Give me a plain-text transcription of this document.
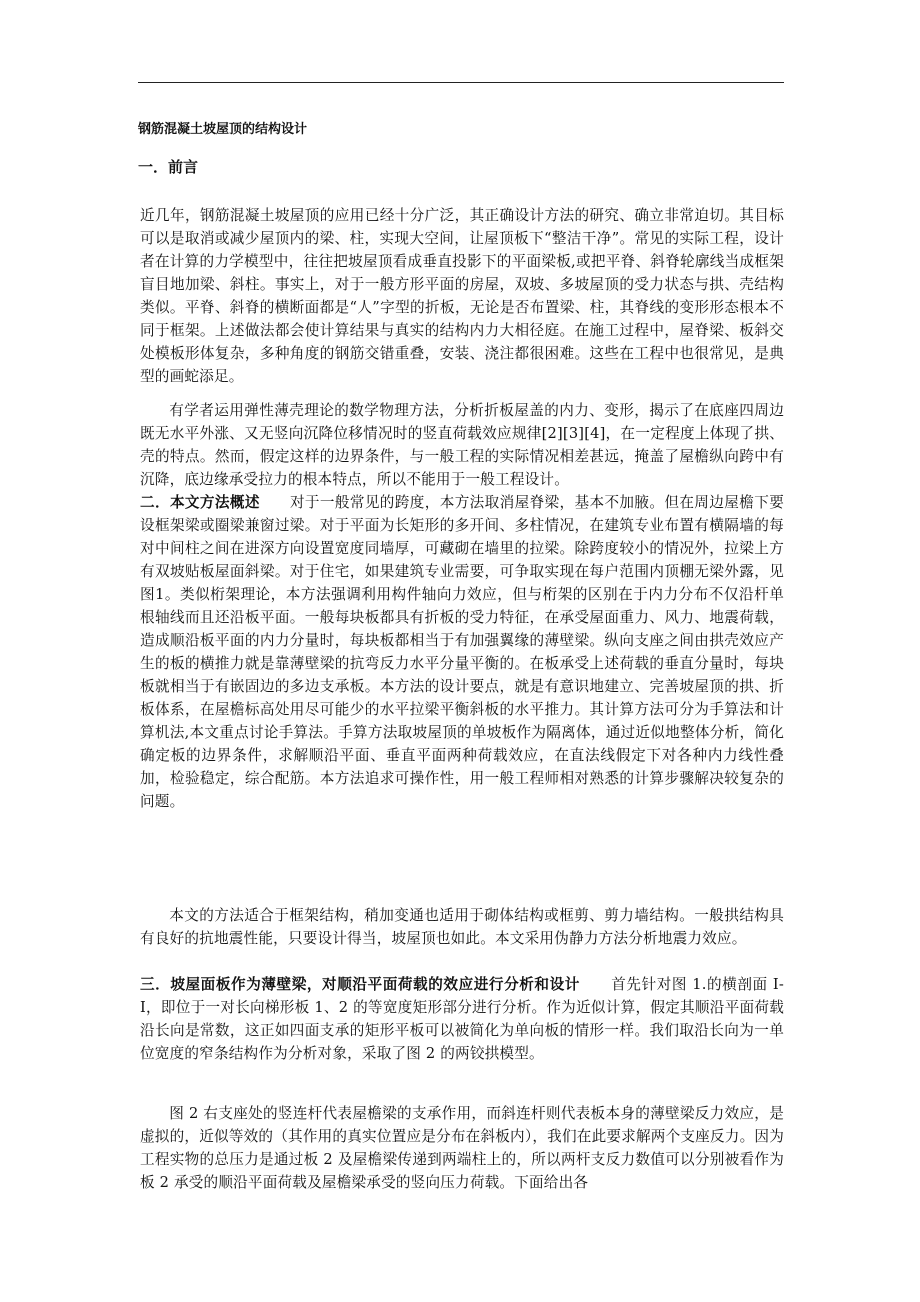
钢筋混凝土坡屋顶的结构设计
一．前言
近几年，钢筋混凝土坡屋顶的应用已经十分广泛，其正确设计方法的研究、确立非常迫切。其目标可以是取消或减少屋顶内的梁、柱，实现大空间，让屋顶板下“整洁干净”。常见的实际工程，设计者在计算的力学模型中，往往把坡屋顶看成垂直投影下的平面梁板,或把平脊、斜脊轮廓线当成框架盲目地加梁、斜柱。事实上，对于一般方形平面的房屋，双坡、多坡屋顶的受力状态与拱、壳结构类似。平脊、斜脊的横断面都是“人”字型的折板，无论是否布置梁、柱，其脊线的变形形态根本不同于框架。上述做法都会使计算结果与真实的结构内力大相径庭。在施工过程中，屋脊梁、板斜交处模板形体复杂，多种角度的钢筋交错重叠，安装、浇注都很困难。这些在工程中也很常见，是典型的画蛇添足。
有学者运用弹性薄壳理论的数学物理方法，分析折板屋盖的内力、变形，揭示了在底座四周边既无水平外涨、又无竖向沉降位移情况时的竖直荷载效应规律[2][3][4]，在一定程度上体现了拱、壳的特点。然而，假定这样的边界条件，与一般工程的实际情况相差甚远，掩盖了屋檐纵向跨中有沉降，底边缘承受拉力的根本特点，所以不能用于一般工程设计。
二．本文方法概述 对于一般常见的跨度，本方法取消屋脊梁，基本不加腋。但在周边屋檐下要设框架梁或圈梁兼窗过梁。对于平面为长矩形的多开间、多柱情况，在建筑专业布置有横隔墙的每对中间柱之间在进深方向设置宽度同墙厚，可藏砌在墙里的拉梁。除跨度较小的情况外，拉梁上方有双坡贴板屋面斜梁。对于住宅，如果建筑专业需要，可争取实现在每户范围内顶棚无梁外露，见图1。类似桁架理论，本方法强调利用构件轴向力效应，但与桁架的区别在于内力分布不仅沿杆单根轴线而且还沿板平面。一般每块板都具有折板的受力特征，在承受屋面重力、风力、地震荷载，造成顺沿板平面的内力分量时，每块板都相当于有加强翼缘的薄壁梁。纵向支座之间由拱壳效应产生的板的横推力就是靠薄壁梁的抗弯反力水平分量平衡的。在板承受上述荷载的垂直分量时，每块板就相当于有嵌固边的多边支承板。本方法的设计要点，就是有意识地建立、完善坡屋顶的拱、折板体系，在屋檐标高处用尽可能少的水平拉梁平衡斜板的水平推力。其计算方法可分为手算法和计算机法,本文重点讨论手算法。手算方法取坡屋顶的单坡板作为隔离体，通过近似地整体分析，简化确定板的边界条件，求解顺沿平面、垂直平面两种荷载效应，在直法线假定下对各种内力线性叠加，检验稳定，综合配筋。本方法追求可操作性，用一般工程师相对熟悉的计算步骤解决较复杂的问题。
本文的方法适合于框架结构，稍加变通也适用于砌体结构或框剪、剪力墙结构。一般拱结构具有良好的抗地震性能，只要设计得当，坡屋顶也如此。本文采用伪静力方法分析地震力效应。
三．坡屋面板作为薄壁梁，对顺沿平面荷载的效应进行分析和设计 首先针对图 1.的横剖面 I-I，即位于一对长向梯形板 1、2 的等宽度矩形部分进行分析。作为近似计算，假定其顺沿平面荷载沿长向是常数，这正如四面支承的矩形平板可以被简化为单向板的情形一样。我们取沿长向为一单位宽度的窄条结构作为分析对象，采取了图 2 的两铰拱模型。
图 2 右支座处的竖连杆代表屋檐梁的支承作用，而斜连杆则代表板本身的薄壁梁反力效应，是虚拟的，近似等效的（其作用的真实位置应是分布在斜板内），我们在此要求解两个支座反力。因为工程实物的总压力是通过板 2 及屋檐梁传递到两端柱上的，所以两杆支反力数值可以分别被看作为板 2 承受的顺沿平面荷载及屋檐梁承受的竖向压力荷载。下面给出各
